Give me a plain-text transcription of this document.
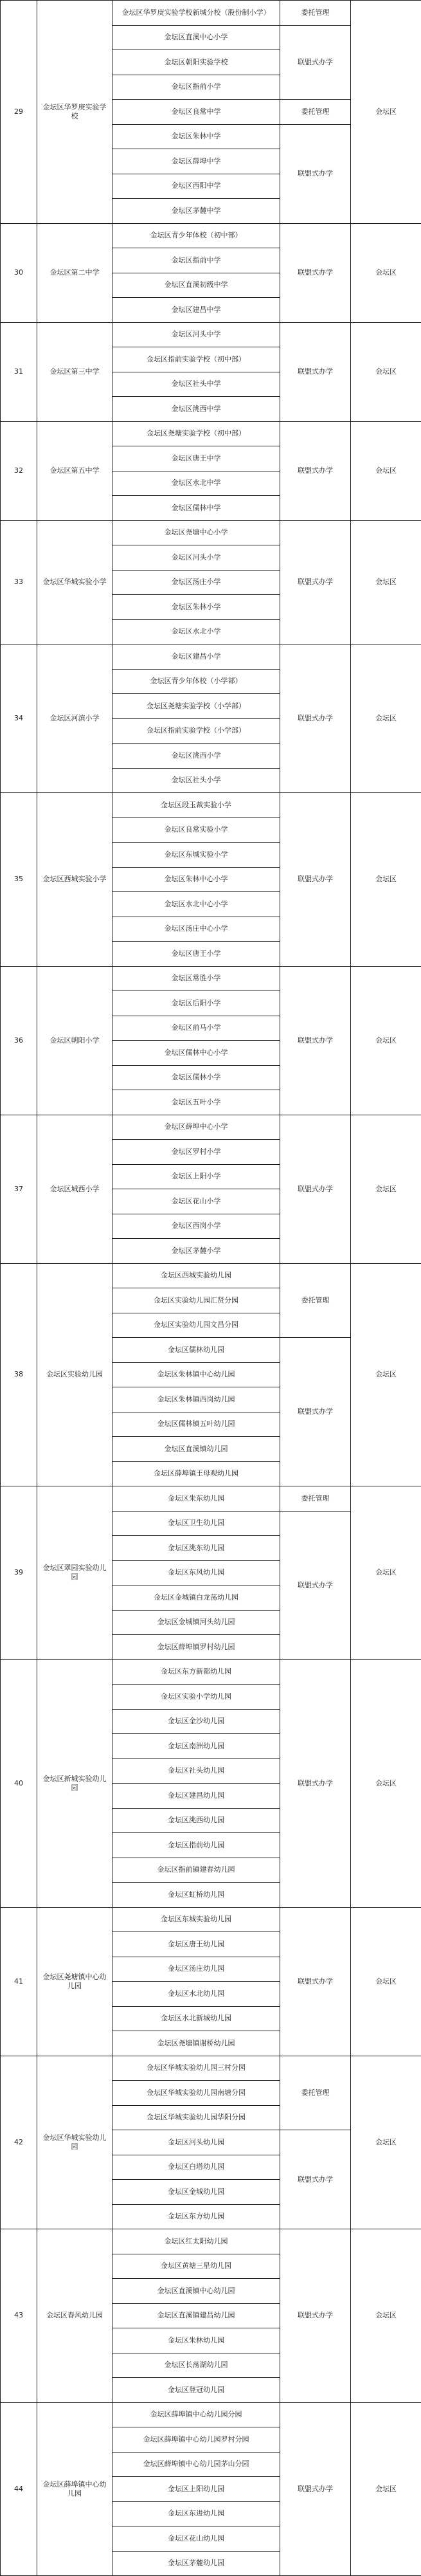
29	金坛区华罗庚实验学校	金坛区华罗庚实验学校新城分校（股份制小学）	委托管理	金坛区
		金坛区直溪中心小学	联盟式办学	
		金坛区朝阳实验学校		
		金坛区指前小学		
		金坛区良常中学	委托管理	
		金坛区朱林中学	联盟式办学	
		金坛区薛埠中学		
		金坛区西阳中学		
		金坛区茅麓中学		
30	金坛区第二中学	金坛区青少年体校（初中部）	联盟式办学	金坛区
		金坛区指前中学		
		金坛区直溪初级中学		
		金坛区建昌中学		
31	金坛区第三中学	金坛区河头中学	联盟式办学	金坛区
		金坛区指前实验学校（初中部）		
		金坛区社头中学		
		金坛区洮西中学		
32	金坛区第五中学	金坛区尧塘实验学校（初中部）	联盟式办学	金坛区
		金坛区唐王中学		
		金坛区水北中学		
		金坛区儒林中学		
33	金坛区华城实验小学	金坛区尧塘中心小学	联盟式办学	金坛区
		金坛区河头小学		
		金坛区汤庄小学		
		金坛区朱林小学		
		金坛区水北小学		
34	金坛区河滨小学	金坛区建昌小学	联盟式办学	金坛区
		金坛区青少年体校（小学部）		
		金坛区尧塘实验学校（小学部）		
		金坛区指前实验学校（小学部）		
		金坛区洮西小学		
		金坛区社头小学		
35	金坛区西城实验小学	金坛区段玉裁实验小学	联盟式办学	金坛区
		金坛区良常实验小学		
		金坛区东城实验小学		
		金坛区朱林中心小学		
		金坛区水北中心小学		
		金坛区汤庄中心小学		
		金坛区唐王小学		
36	金坛区朝阳小学	金坛区常胜小学	联盟式办学	金坛区
		金坛区后阳小学		
		金坛区前马小学		
		金坛区儒林中心小学		
		金坛区儒林小学		
		金坛区五叶小学		
37	金坛区城西小学	金坛区薛埠中心小学	联盟式办学	金坛区
		金坛区罗村小学		
		金坛区上阳小学		
		金坛区花山小学		
		金坛区西岗小学		
		金坛区茅麓小学		
38	金坛区实验幼儿园	金坛区西城实验幼儿园	委托管理	金坛区
		金坛区实验幼儿园汇贤分园		
		金坛区实验幼儿园文昌分园		
		金坛区儒林幼儿园	联盟式办学	
		金坛区朱林镇中心幼儿园		
		金坛区朱林镇西岗幼儿园		
		金坛区儒林镇五叶幼儿园		
		金坛区直溪镇幼儿园		
		金坛区薛埠镇王母观幼儿园		
39	金坛区翠园实验幼儿园	金坛区朱东幼儿园	委托管理	金坛区
		金坛区卫生幼儿园	联盟式办学	
		金坛区洮东幼儿园		
		金坛区东风幼儿园		
		金坛区金城镇白龙荡幼儿园		
		金坛区金城镇河头幼儿园		
		金坛区薛埠镇罗村幼儿园		
40	金坛区新城实验幼儿园	金坛区东方新都幼儿园	联盟式办学	金坛区
		金坛区实验小学幼儿园		
		金坛区金沙幼儿园		
		金坛区南洲幼儿园		
		金坛区社头幼儿园		
		金坛区建昌幼儿园		
		金坛区洮西幼儿园		
		金坛区指前幼儿园		
		金坛区指前镇建春幼儿园		
		金坛区虹桥幼儿园		
41	金坛区尧塘镇中心幼儿园	金坛区东城实验幼儿园	联盟式办学	金坛区
		金坛区唐王幼儿园		
		金坛区汤庄幼儿园		
		金坛区水北幼儿园		
		金坛区水北新城幼儿园		
		金坛区尧塘镇谢桥幼儿园		
42	金坛区华城实验幼儿园	金坛区华城实验幼儿园三村分园	委托管理	金坛区
		金坛区华城实验幼儿园南塘分园		
		金坛区华城实验幼儿园华阳分园		
		金坛区河头幼儿园	联盟式办学	
		金坛区白塔幼儿园		
		金坛区金城幼儿园		
		金坛区东方幼儿园		
43	金坛区春风幼儿园	金坛区红太阳幼儿园	联盟式办学	金坛区
		金坛区黄塘三星幼儿园		
		金坛区直溪镇中心幼儿园		
		金坛区直溪镇建昌幼儿园		
		金坛区朱林幼儿园		
		金坛区长荡湖幼儿园		
		金坛区登冠幼儿园		
44	金坛区薛埠镇中心幼儿园	金坛区薛埠镇中心幼儿园分园	联盟式办学	金坛区
		金坛区薛埠镇中心幼儿园罗村分园		
		金坛区薛埠镇中心幼儿园茅山分园		
		金坛区上阳幼儿园		
		金坛区东进幼儿园		
		金坛区花山幼儿园		
		金坛区茅麓幼儿园		
